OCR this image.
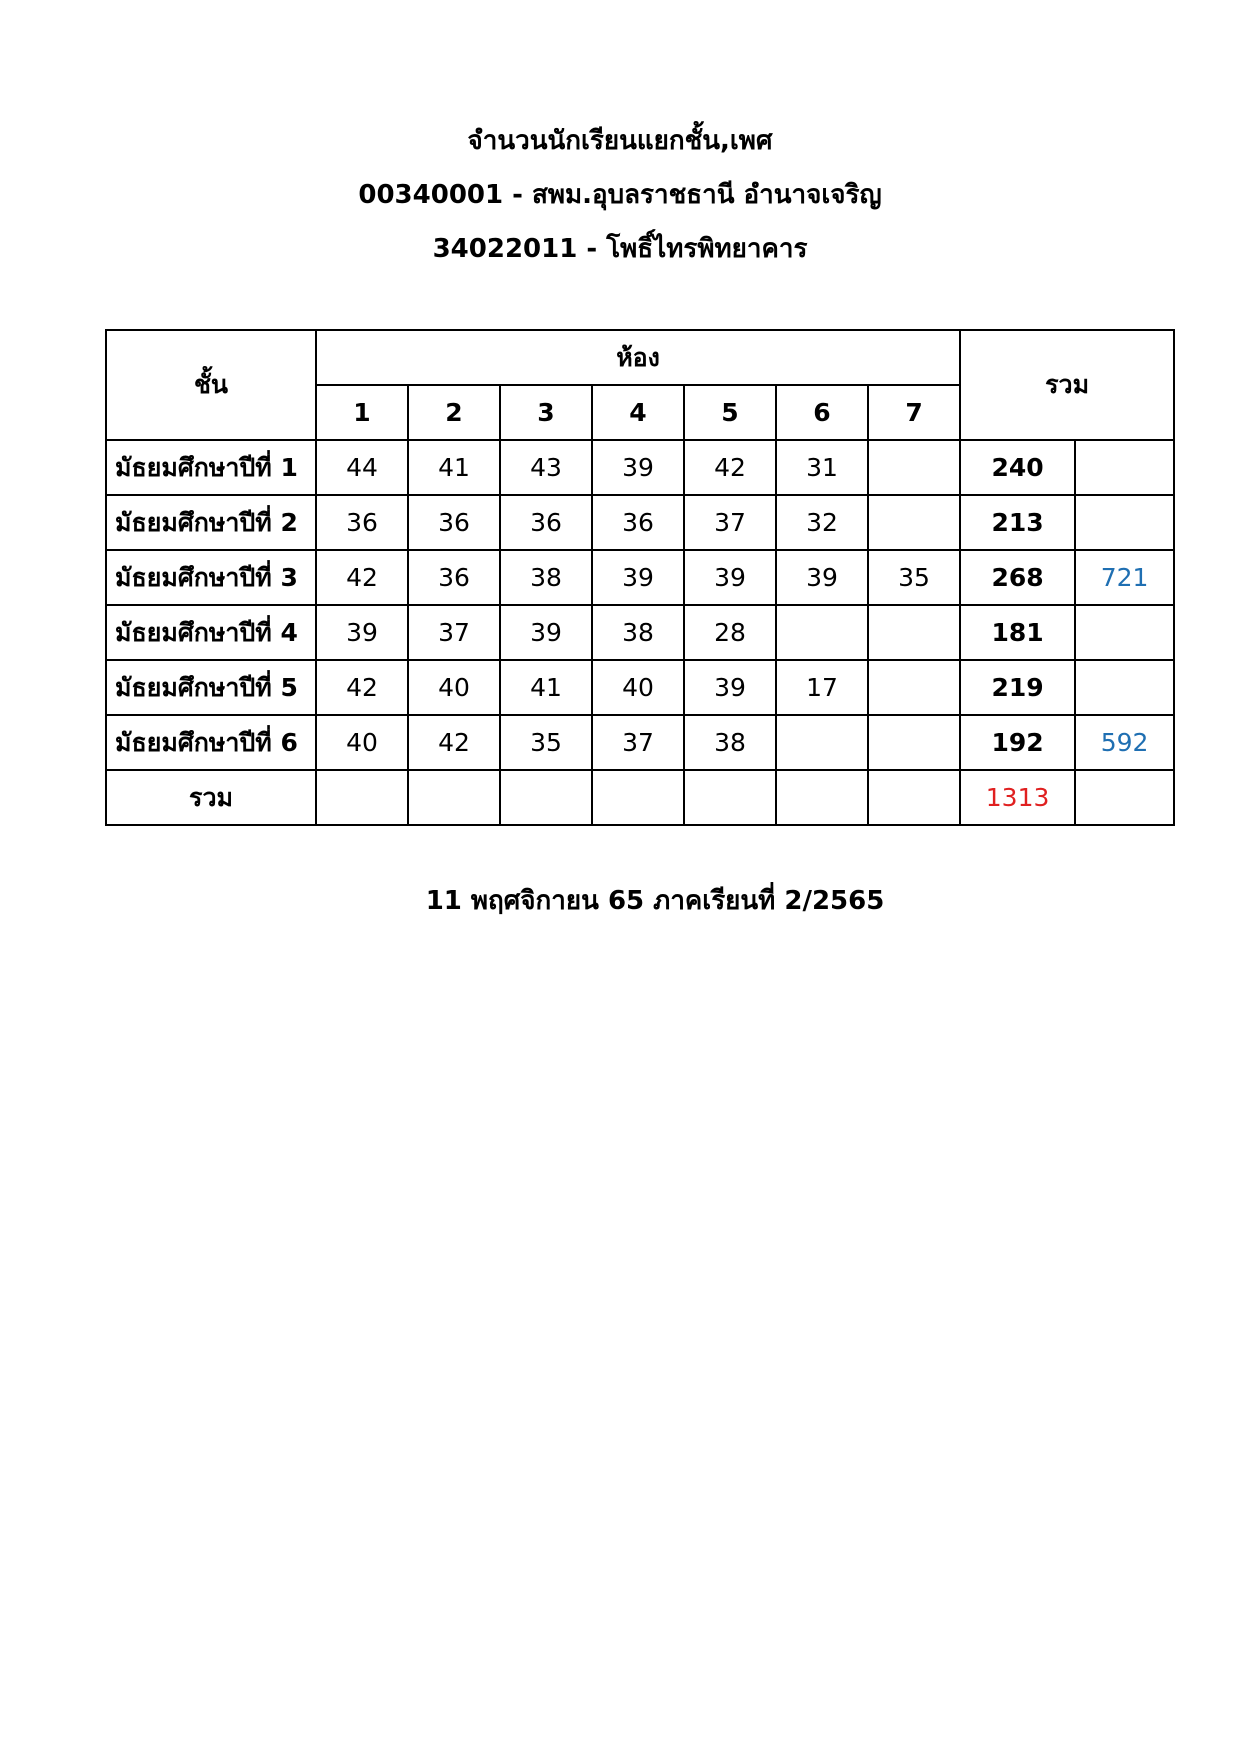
จำนวนนักเรียนแยกชั้น,เพศ
00340001 - สพม.อุบลราชธานี อำนาจเจริญ
34022011 - โพธิ์ไทรพิทยาคาร
ชั้น	ห้อง							รวม	
	1	2	3	4	5	6	7		
มัธยมศึกษาปีที่ 1	44	41	43	39	42	31		240	
มัธยมศึกษาปีที่ 2	36	36	36	36	37	32		213	
มัธยมศึกษาปีที่ 3	42	36	38	39	39	39	35	268	721
มัธยมศึกษาปีที่ 4	39	37	39	38	28			181	
มัธยมศึกษาปีที่ 5	42	40	41	40	39	17		219	
มัธยมศึกษาปีที่ 6	40	42	35	37	38			192	592
รวม								1313	
11 พฤศจิกายน 65 ภาคเรียนที่ 2/2565
